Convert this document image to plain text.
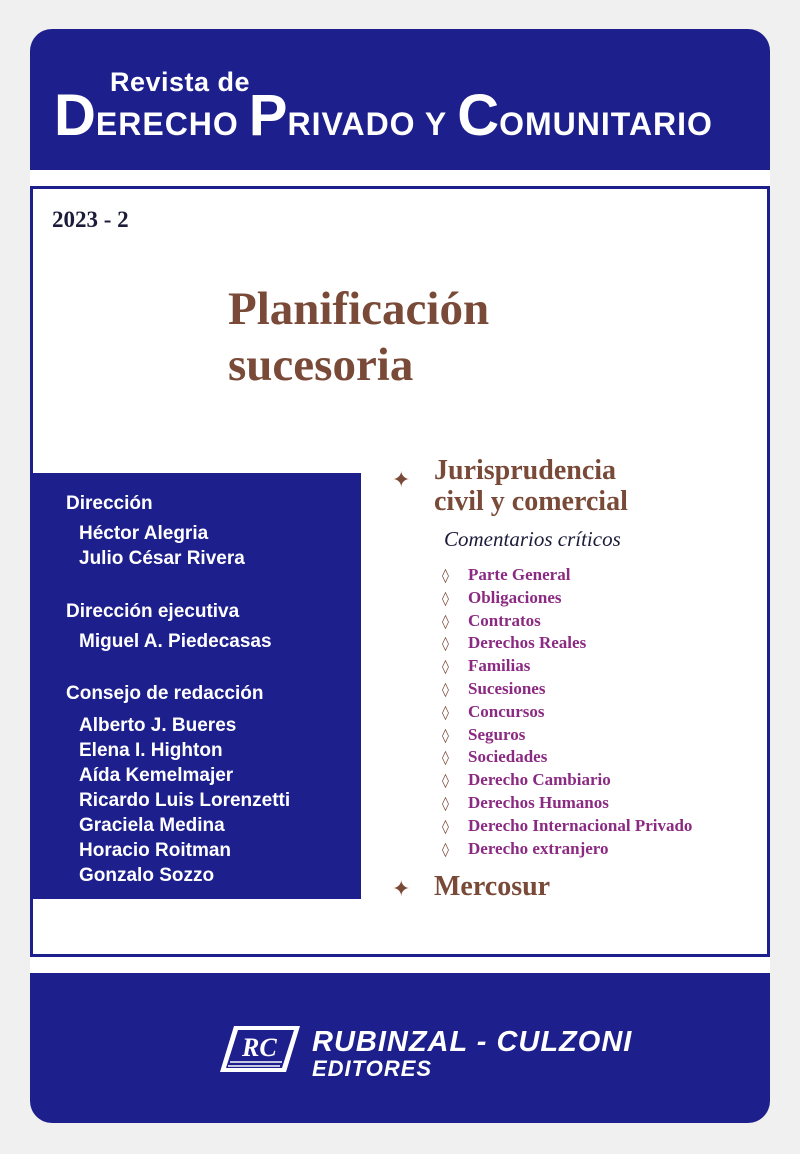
Revista de
DERECHO PRIVADO Y COMUNITARIO
2023 - 2
Planificación
sucesoria
Dirección
Héctor Alegria
Julio César Rivera
Dirección ejecutiva
Miguel A. Piedecasas
Consejo de redacción
Alberto J. Bueres
Elena I. Highton
Aída Kemelmajer
Ricardo Luis Lorenzetti
Graciela Medina
Horacio Roitman
Gonzalo Sozzo
✦ Jurisprudencia
civil y comercial
Comentarios críticos
◊ Parte General
◊ Obligaciones
◊ Contratos
◊ Derechos Reales
◊ Familias
◊ Sucesiones
◊ Concursos
◊ Seguros
◊ Sociedades
◊ Derecho Cambiario
◊ Derechos Humanos
◊ Derecho Internacional Privado
◊ Derecho extranjero
✦ Mercosur
RC RUBINZAL - CULZONI
EDITORES
